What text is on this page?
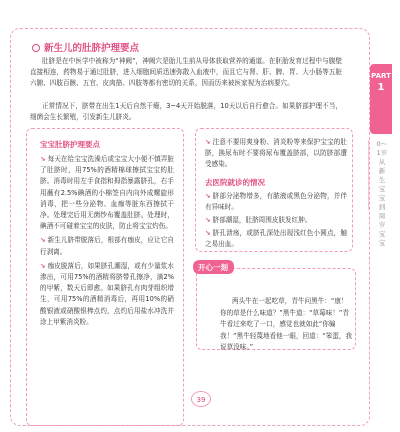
新生儿的肚脐护理要点

肚脐是在中医学中被称为“神阙”，神阙穴是胎儿生前从母体获取营养的通道。在胚胎发育过程中与腹壁直接相连，药物易于通过肚脐，进入细胞间质迅速弥散入血液中，而且它与肾、肝、脾、胃、大小肠等五脏六腑、四肢百骸、五官、皮肉筋、四肢等都有密切的关系，因而历来被医家视为治病要穴。

正常情况下，脐带在出生1天后自然干瘪，3~4天开始脱落，10天以后自行愈合。如果脐部护理不当，细菌会生长繁殖，引发新生儿脐炎。

宝宝肚脐护理要点

↘ 每天在给宝宝洗澡后或宝宝大小便不慎弄脏了肚脐时，用75%的酒精棉球擦拭宝宝的肚脐。消毒时用左手食指和拇指暴露脐孔，右手用蘸有2.5%碘酒的小棉签自内向外成螺旋形消毒，把一些分泌物、血痂等脏东西擦拭干净。处理完后用无菌纱布覆盖肚脐。处理时，碘酒不可碰着宝宝的皮肤，防止将宝宝灼伤。

↘ 新生儿脐带脱落后，根部有痂皮，应让它自行剥离。

↘ 痂皮脱落后，如果脐孔潮湿，或有少量浆水渗出，可用75%的酒精将脐带孔擦净，滴2%的甲紫，数天后即愈。如果脐孔有肉芽组织增生，可用75%的酒精消毒后，再用10%的硝酸银液或硝酸银棒点灼，点灼后用盐水冲洗并涂上甲紫消炎粉。

↘ 注意不要用爽身粉、消炎粉等来保护宝宝的肚脐，换尿布时不要将尿布覆盖脐部，以防脐部遭受感染。

去医院就诊的情况

↘ 脐部分泌物增多，有脓液或黑色分泌物，并伴有异味时。

↘ 脐部潮湿，肚脐周围皮肤发红肿。

↘ 脐孔溃疡，或脐孔深处出现浅红色小圆点，触之易出血。

开心一刻

两头牛在一起吃草，青牛问黑牛：“康！你的草是什么味道？”黑牛道：“草莓味！”青牛看过来吃了一口，感觉也就如此“你骗我！”黑牛轻蔑地看他一眼，回道：“笨蛋，我说草没味。”

PART
1
0～1岁 从新生宝宝到周岁宝宝
39
